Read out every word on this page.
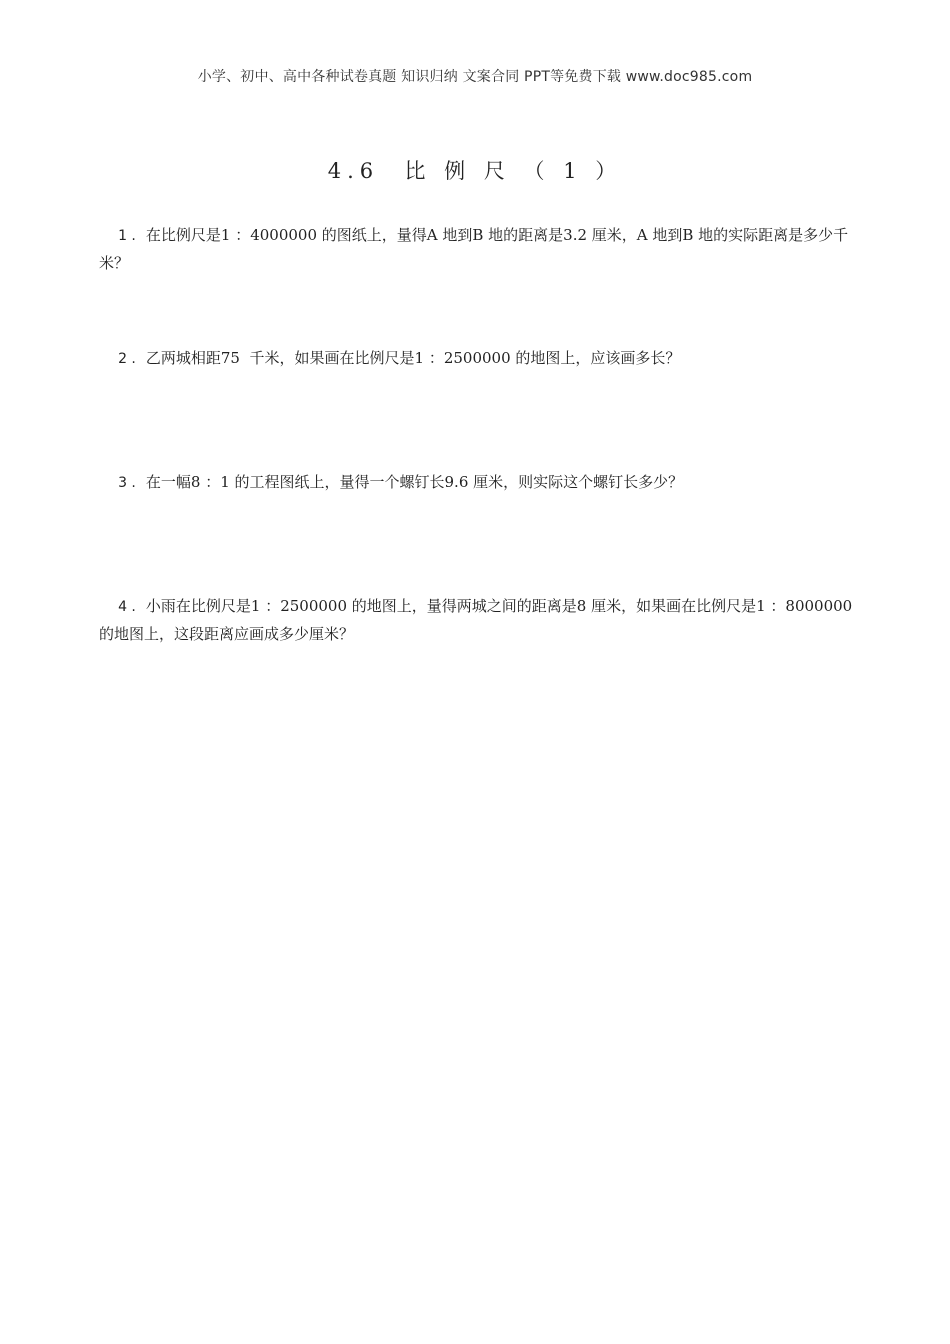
小学、初中、高中各种试卷真题 知识归纳 文案合同 PPT等免费下载 www.doc985.com
4.6  比 例 尺 （ 1 ）

1 . 在比例尺是1 ：4000000 的图纸上，量得A 地到B 地的距离是3.2 厘米，A 地到B 地的实际距离是多少千米？

2 . 乙两城相距75  千米，如果画在比例尺是1 ：2500000 的地图上，应该画多长？

3 . 在一幅8 ：1 的工程图纸上，量得一个螺钉长9.6 厘米，则实际这个螺钉长多少？

4 . 小雨在比例尺是1 ：2500000 的地图上，量得两城之间的距离是8 厘米，如果画在比例尺是1 ：8000000 的地图上，这段距离应画成多少厘米？
